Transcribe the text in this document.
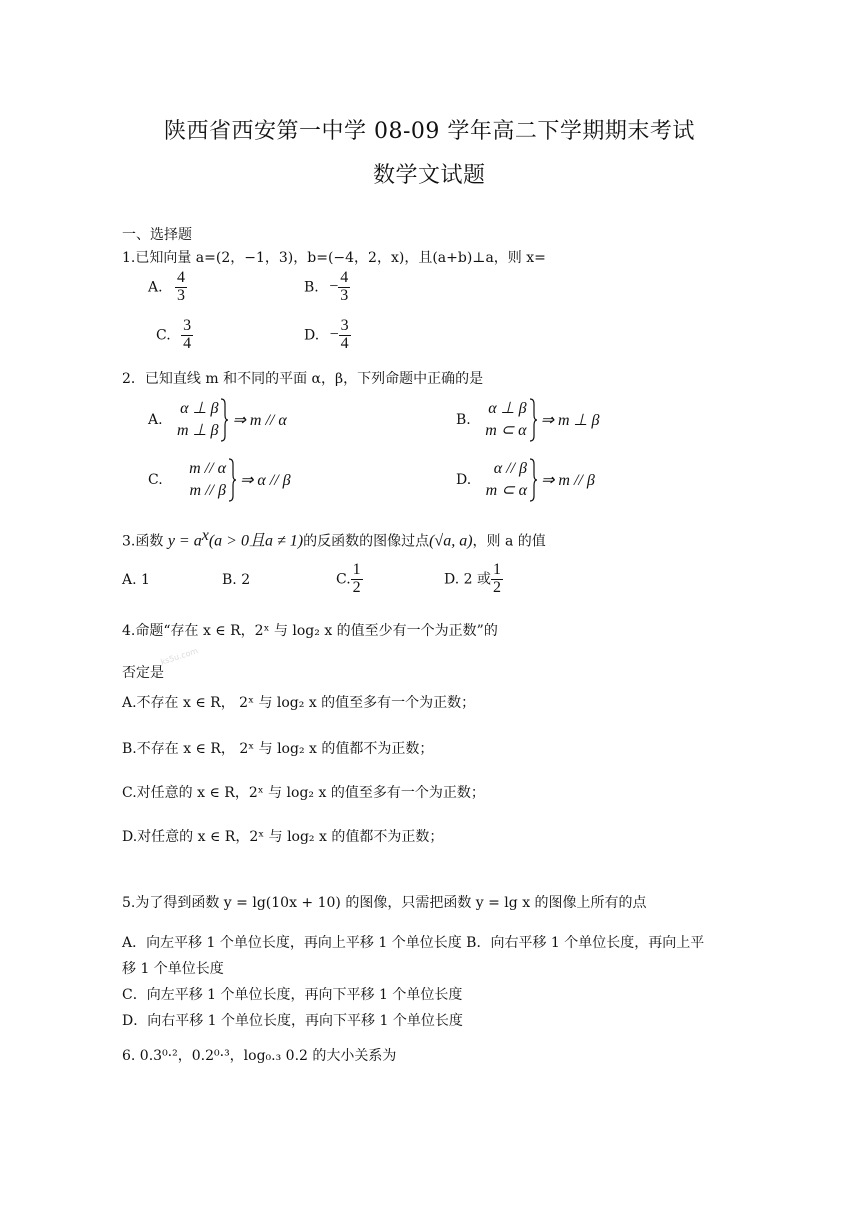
陕西省西安第一中学 08-09 学年高二下学期期末考试
数学文试题
一、选择题
1.已知向量 a=(2，−1，3)，b=(−4，2，x)，且(a+b)⊥a，则 x=
A. $\frac{4}{3}$	B. − $\frac{4}{3}$
C. $\frac{3}{4}$	D. − $\frac{3}{4}$
2．已知直线 m 和不同的平面 α，β，下列命题中正确的是
A.
α ⊥ β
m ⊥ β
⇒ m // α	B.
α ⊥ β
m ⊂ α
⇒ m ⊥ β
C.
m // α
m // β
⇒ α // β	D.
α // β
m ⊂ α
⇒ m // β
3.函数 $y = a^x(a > 0$且a ≠ 1)的反函数的图像过点(√a, a)，则 a 的值
A. 1	B. 2	C. $\frac{1}{2}$	D. 2 或 $\frac{1}{2}$
4.命题“存在 x ∈ R，2ˣ 与 log₂ x 的值至少有一个为正数”的
否定是
ks5u.com
A.不存在 x ∈ R， 2ˣ 与 log₂ x 的值至多有一个为正数；
B.不存在 x ∈ R， 2ˣ 与 log₂ x 的值都不为正数；
C.对任意的 x ∈ R，2ˣ 与 log₂ x 的值至多有一个为正数；
D.对任意的 x ∈ R，2ˣ 与 log₂ x 的值都不为正数；
5.为了得到函数 y = lg(10x + 10) 的图像，只需把函数 y = lg x 的图像上所有的点
A．向左平移 1 个单位长度，再向上平移 1 个单位长度 B．向右平移 1 个单位长度，再向上平
移 1 个单位长度
C．向左平移 1 个单位长度，再向下平移 1 个单位长度
D．向右平移 1 个单位长度，再向下平移 1 个单位长度
6. 0.3⁰·²，0.2⁰·³，log₀.₃ 0.2 的大小关系为
